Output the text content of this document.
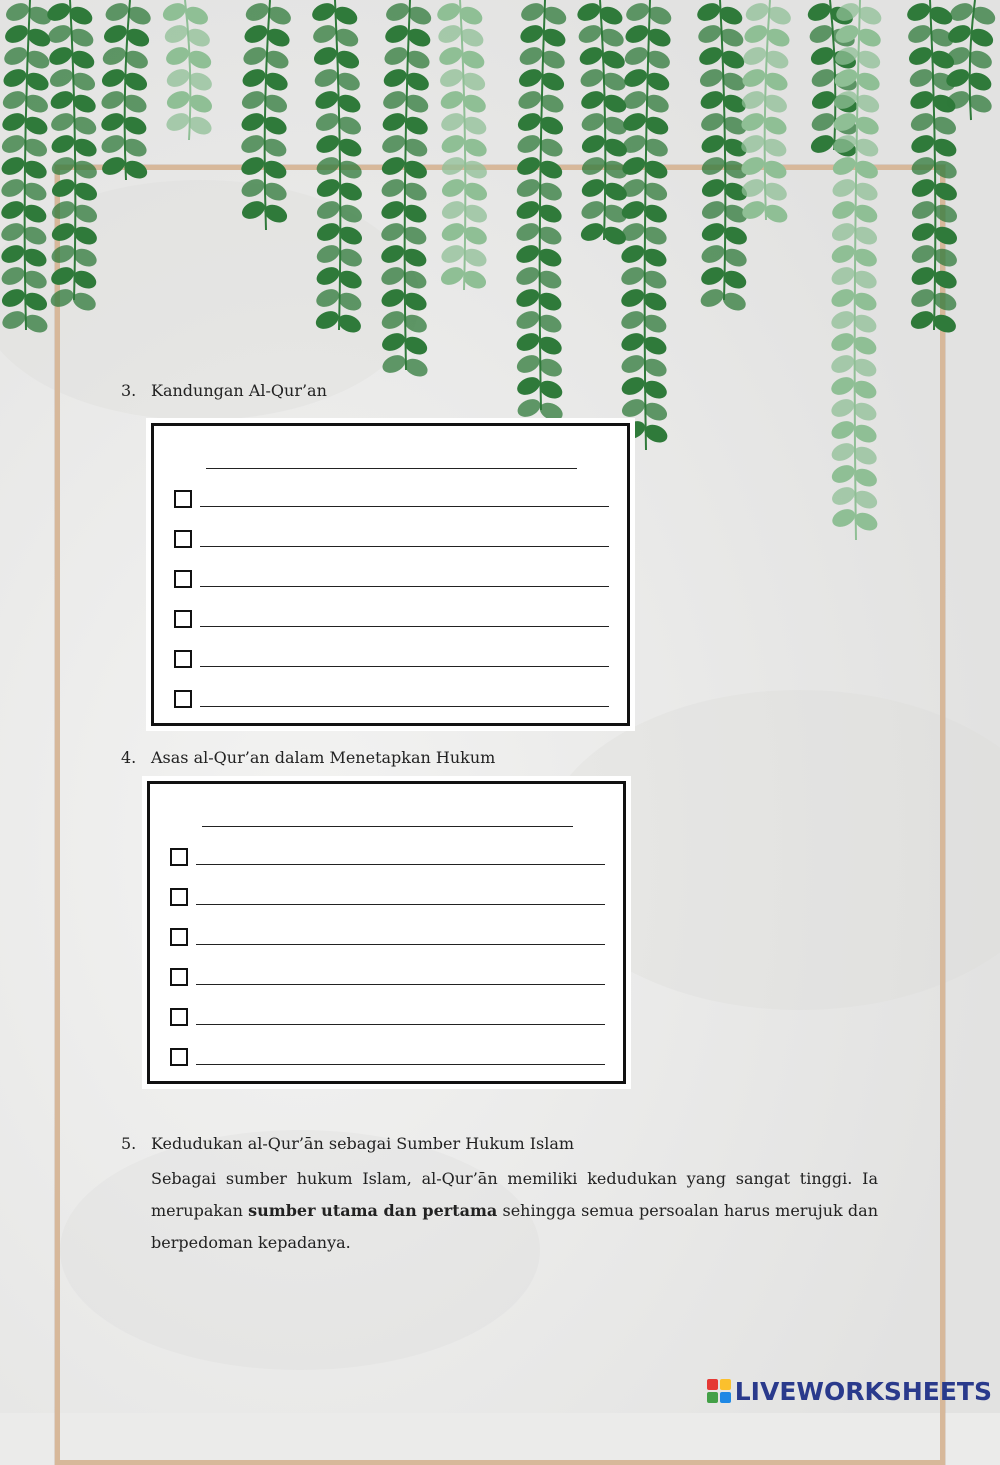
3. Kandungan Al-Qur’an
4. Asas al-Qur’an dalam Menetapkan Hukum
5. Kedudukan al-Qur’ān sebagai Sumber Hukum Islam
Sebagai sumber hukum Islam, al-Qur’ān memiliki kedudukan yang sangat tinggi. Ia merupakan sumber utama dan pertama sehingga semua persoalan harus merujuk dan berpedoman kepadanya.
LIVEWORKSHEETS
